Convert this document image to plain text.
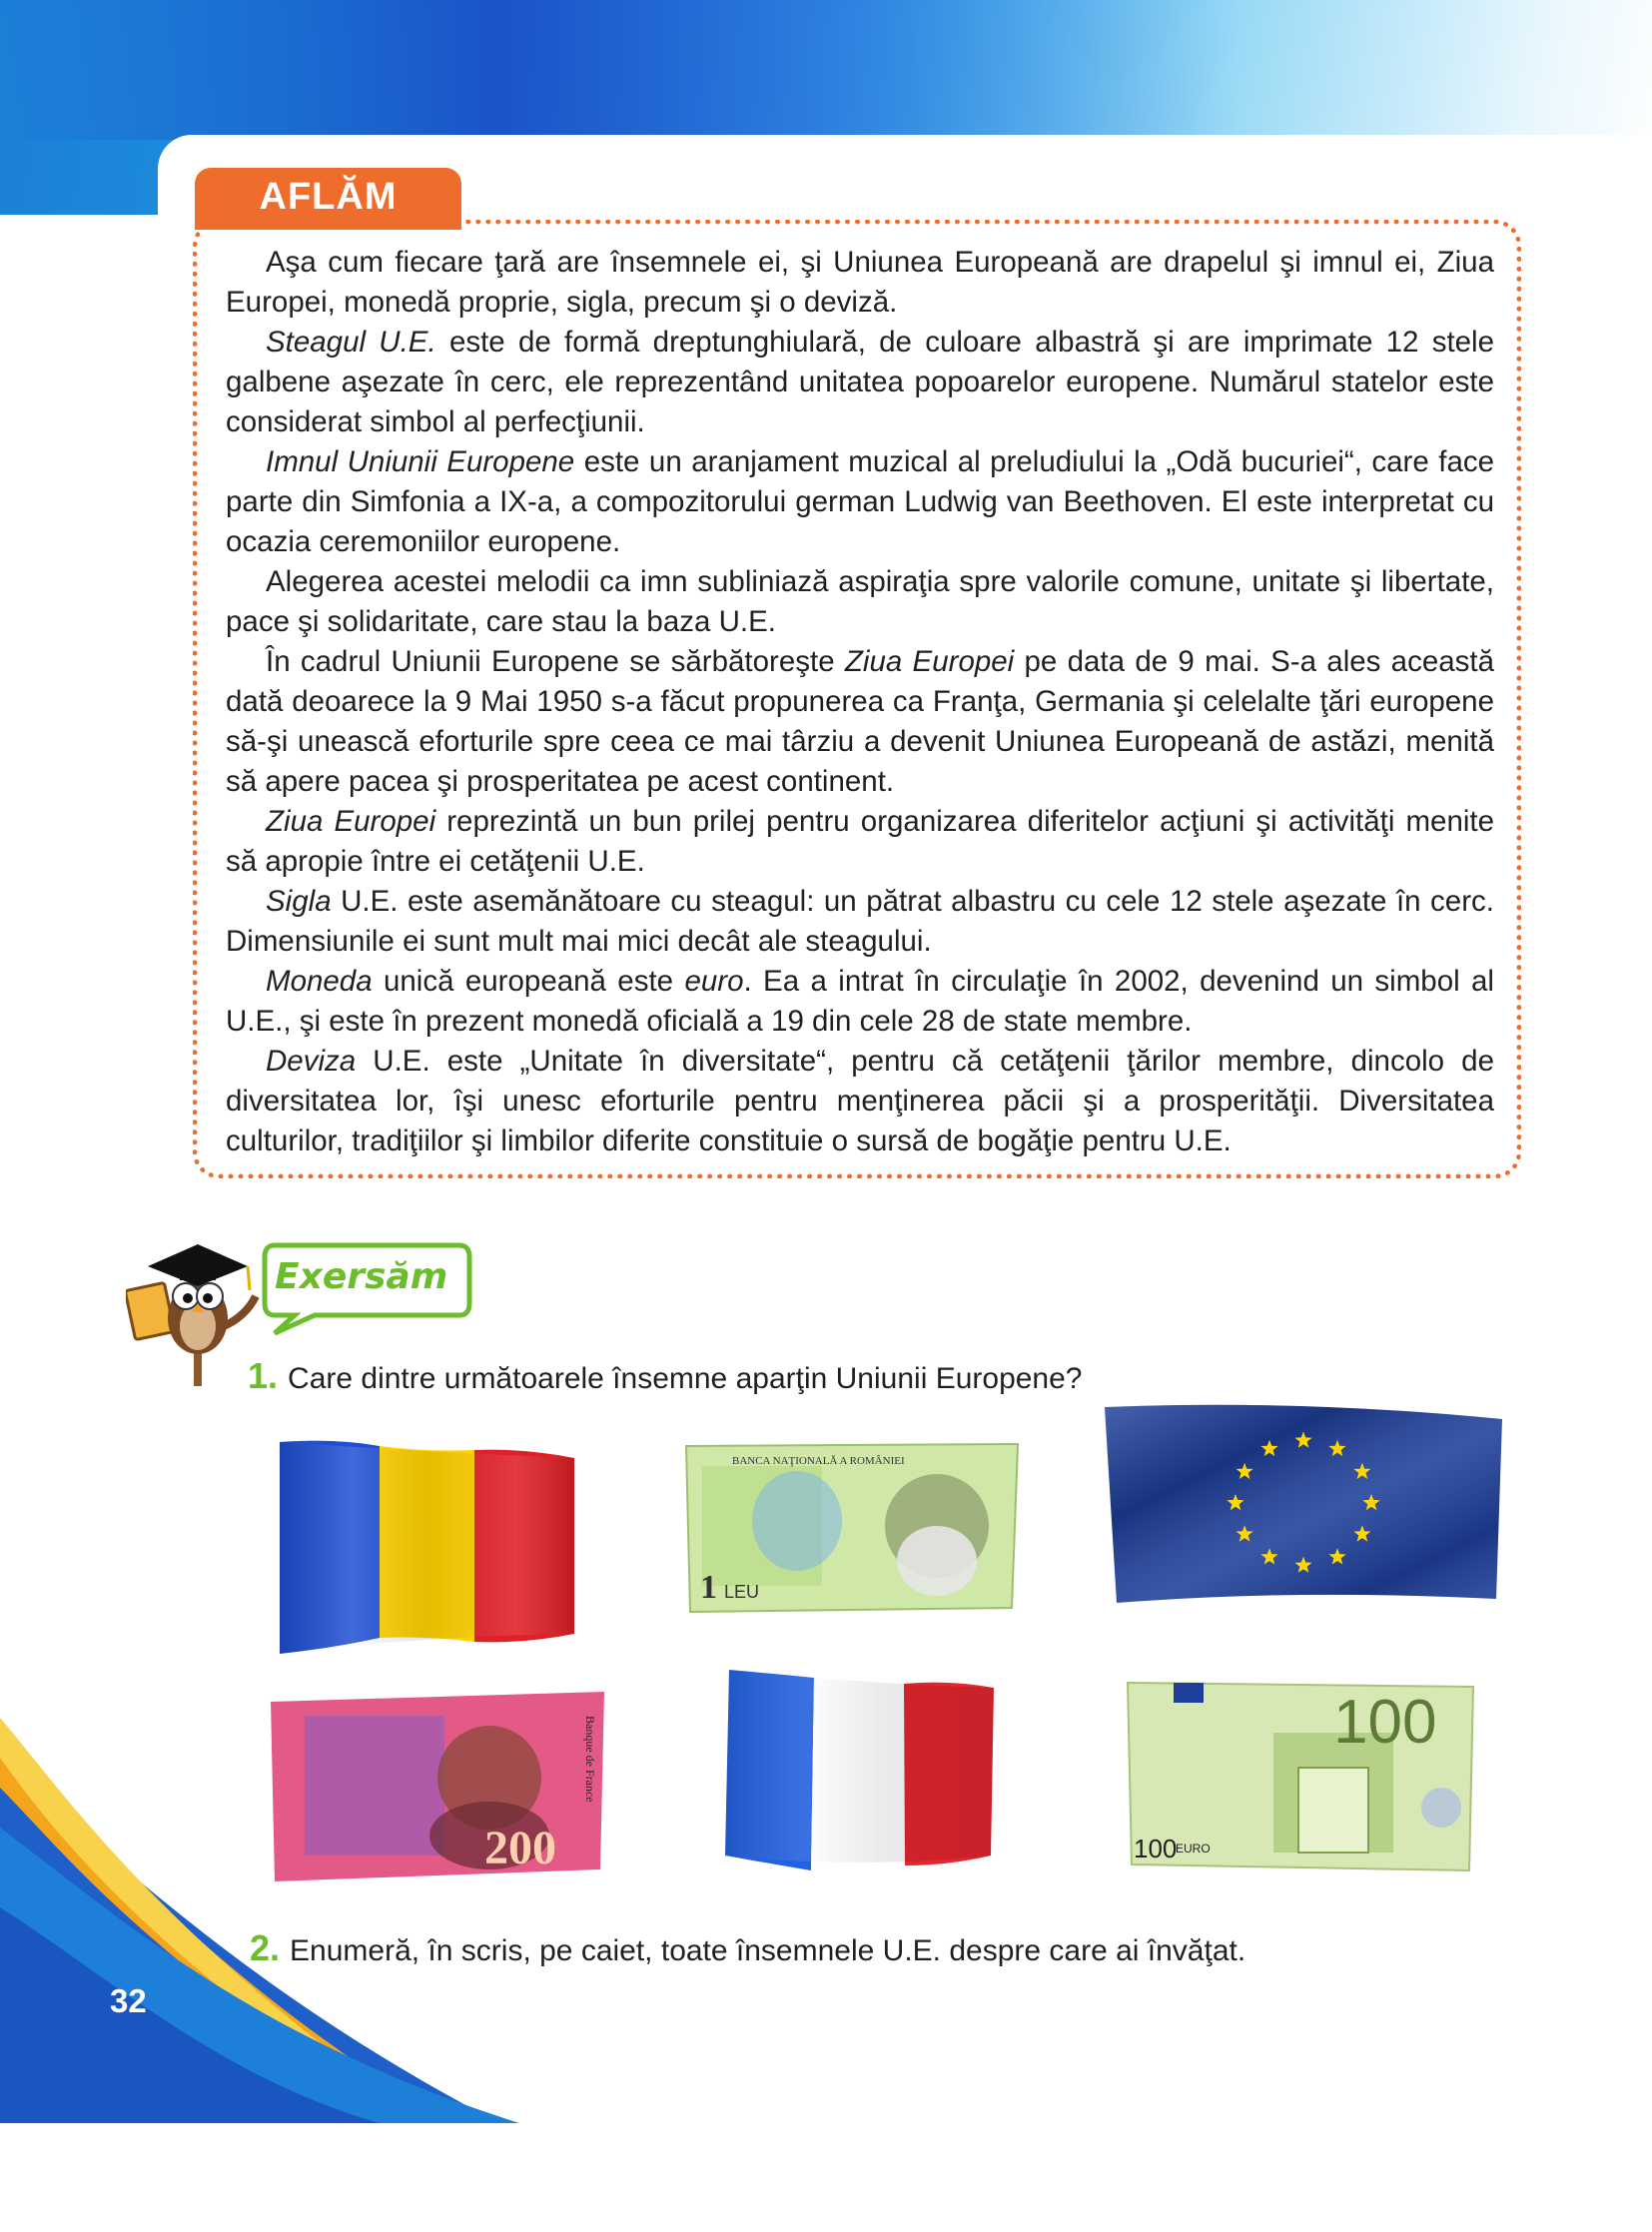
AFLĂM

Aşa cum fiecare ţară are însemnele ei, şi Uniunea Europeană are drapelul şi imnul ei, Ziua Europei, monedă proprie, sigla, precum şi o deviză.

Steagul U.E. este de formă dreptunghiulară, de culoare albastră şi are imprimate 12 stele galbene aşezate în cerc, ele reprezentând unitatea popoarelor europene. Numărul statelor este considerat simbol al perfecţiunii.

Imnul Uniunii Europene este un aranjament muzical al preludiului la „Odă bucuriei“, care face parte din Simfonia a IX-a, a compozitorului german Ludwig van Beethoven. El este interpretat cu ocazia ceremoniilor europene.

Alegerea acestei melodii ca imn subliniază aspiraţia spre valorile comune, unitate şi libertate, pace şi solidaritate, care stau la baza U.E.

În cadrul Uniunii Europene se sărbătoreşte Ziua Europei pe data de 9 mai. S-a ales această dată deoarece la 9 Mai 1950 s-a făcut propunerea ca Franţa, Germania şi celelalte ţări europene să-şi unească eforturile spre ceea ce mai târziu a devenit Uniunea Europeană de astăzi, menită să apere pacea şi prosperitatea pe acest continent.

Ziua Europei reprezintă un bun prilej pentru organizarea diferitelor acţiuni şi activităţi menite să apropie între ei cetăţenii U.E.

Sigla U.E. este asemănătoare cu steagul: un pătrat albastru cu cele 12 stele aşezate în cerc. Dimensiunile ei sunt mult mai mici decât ale steagului.

Moneda unică europeană este euro. Ea a intrat în circulaţie în 2002, devenind un simbol al U.E., şi este în prezent monedă oficială a 19 din cele 28 de state membre.

Deviza U.E. este „Unitate în diversitate“, pentru că cetăţenii ţărilor membre, dincolo de diversitatea lor, îşi unesc eforturile pentru menţinerea păcii şi a prosperităţii. Diversitatea culturilor, tradiţiilor şi limbilor diferite constituie o sursă de bogăţie pentru U.E.

Exersăm
1. Care dintre următoarele însemne aparţin Uniunii Europene?
BANCA NAŢIONALĂ A ROMÂNIEI
1 LEU
200
Banque de France	100
100
EURO
2. Enumeră, în scris, pe caiet, toate însemnele U.E. despre care ai învăţat.
32
